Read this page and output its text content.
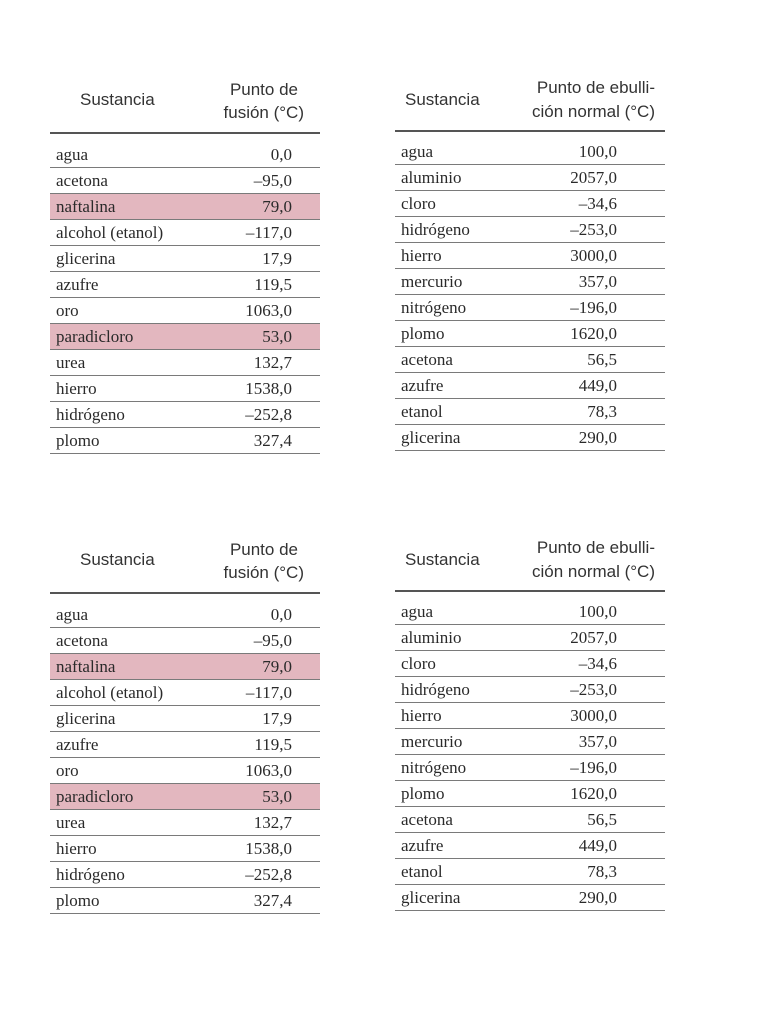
Sustancia
Punto de
fusión (°C)
agua	0,0
acetona	–95,0
naftalina	79,0
alcohol (etanol)	–117,0
glicerina	17,9
azufre	119,5
oro	1063,0
paradicloro	53,0
urea	132,7
hierro	1538,0
hidrógeno	–252,8
plomo	327,4
Sustancia
Punto de ebulli-
ción normal (°C)
agua	100,0
aluminio	2057,0
cloro	–34,6
hidrógeno	–253,0
hierro	3000,0
mercurio	357,0
nitrógeno	–196,0
plomo	1620,0
acetona	56,5
azufre	449,0
etanol	78,3
glicerina	290,0
Sustancia
Punto de
fusión (°C)
agua	0,0
acetona	–95,0
naftalina	79,0
alcohol (etanol)	–117,0
glicerina	17,9
azufre	119,5
oro	1063,0
paradicloro	53,0
urea	132,7
hierro	1538,0
hidrógeno	–252,8
plomo	327,4
Sustancia
Punto de ebulli-
ción normal (°C)
agua	100,0
aluminio	2057,0
cloro	–34,6
hidrógeno	–253,0
hierro	3000,0
mercurio	357,0
nitrógeno	–196,0
plomo	1620,0
acetona	56,5
azufre	449,0
etanol	78,3
glicerina	290,0
